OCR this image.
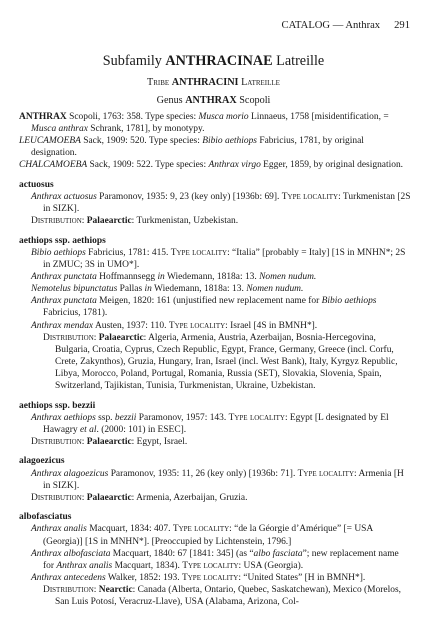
CATALOG — Anthrax 291
Subfamily ANTHRACINAE Latreille
Tribe ANTHRACINI Latreille
Genus ANTHRAX Scopoli

ANTHRAX Scopoli, 1763: 358. Type species: Musca morio Linnaeus, 1758 [misidentification, = Musca anthrax Schrank, 1781], by monotypy.

LEUCAMOEBA Sack, 1909: 520. Type species: Bibio aethiops Fabricius, 1781, by original designation.

CHALCAMOEBA Sack, 1909: 522. Type species: Anthrax virgo Egger, 1859, by original designation.

actuosus

Anthrax actuosus Paramonov, 1935: 9, 23 (key only) [1936b: 69]. Type locality: Turkmenistan [2S in SIZK].

Distribution: Palaearctic: Turkmenistan, Uzbekistan.

aethiops ssp. aethiops

Bibio aethiops Fabricius, 1781: 415. Type locality: “Italia” [probably = Italy] [1S in MNHN*; 2S in ZMUC; 3S in UMO*].

Anthrax punctata Hoffmannsegg in Wiedemann, 1818a: 13. Nomen nudum.

Nemotelus bipunctatus Pallas in Wiedemann, 1818a: 13. Nomen nudum.

Anthrax punctata Meigen, 1820: 161 (unjustified new replacement name for Bibio aethiops Fabricius, 1781).

Anthrax mendax Austen, 1937: 110. Type locality: Israel [4S in BMNH*].

Distribution: Palaearctic: Algeria, Armenia, Austria, Azerbaijan, Bosnia-Hercegovina, Bulgaria, Croatia, Cyprus, Czech Republic, Egypt, France, Germany, Greece (incl. Corfu, Crete, Zakynthos), Gruzia, Hungary, Iran, Israel (incl. West Bank), Italy, Kyrgyz Republic, Libya, Morocco, Poland, Portugal, Romania, Russia (SET), Slovakia, Slovenia, Spain, Switzerland, Tajikistan, Tunisia, Turkmenistan, Ukraine, Uzbekistan.

aethiops ssp. bezzii

Anthrax aethiops ssp. bezzii Paramonov, 1957: 143. Type locality: Egypt [L designated by El Hawagry et al. (2000: 101) in ESEC].

Distribution: Palaearctic: Egypt, Israel.

alagoezicus

Anthrax alagoezicus Paramonov, 1935: 11, 26 (key only) [1936b: 71]. Type locality: Armenia [H in SIZK].

Distribution: Palaearctic: Armenia, Azerbaijan, Gruzia.

albofasciatus

Anthrax analis Macquart, 1834: 407. Type locality: “de la Géorgie d’Amérique” [= USA (Georgia)] [1S in MNHN*]. [Preoccupied by Lichtenstein, 1796.]

Anthrax albofasciata Macquart, 1840: 67 [1841: 345] (as “albo fasciata”; new replacement name for Anthrax analis Macquart, 1834). Type locality: USA (Georgia).

Anthrax antecedens Walker, 1852: 193. Type locality: “United States” [H in BMNH*].

Distribution: Nearctic: Canada (Alberta, Ontario, Quebec, Saskatchewan), Mexico (Morelos, San Luis Potosí, Veracruz-Llave), USA (Alabama, Arizona, Col-
